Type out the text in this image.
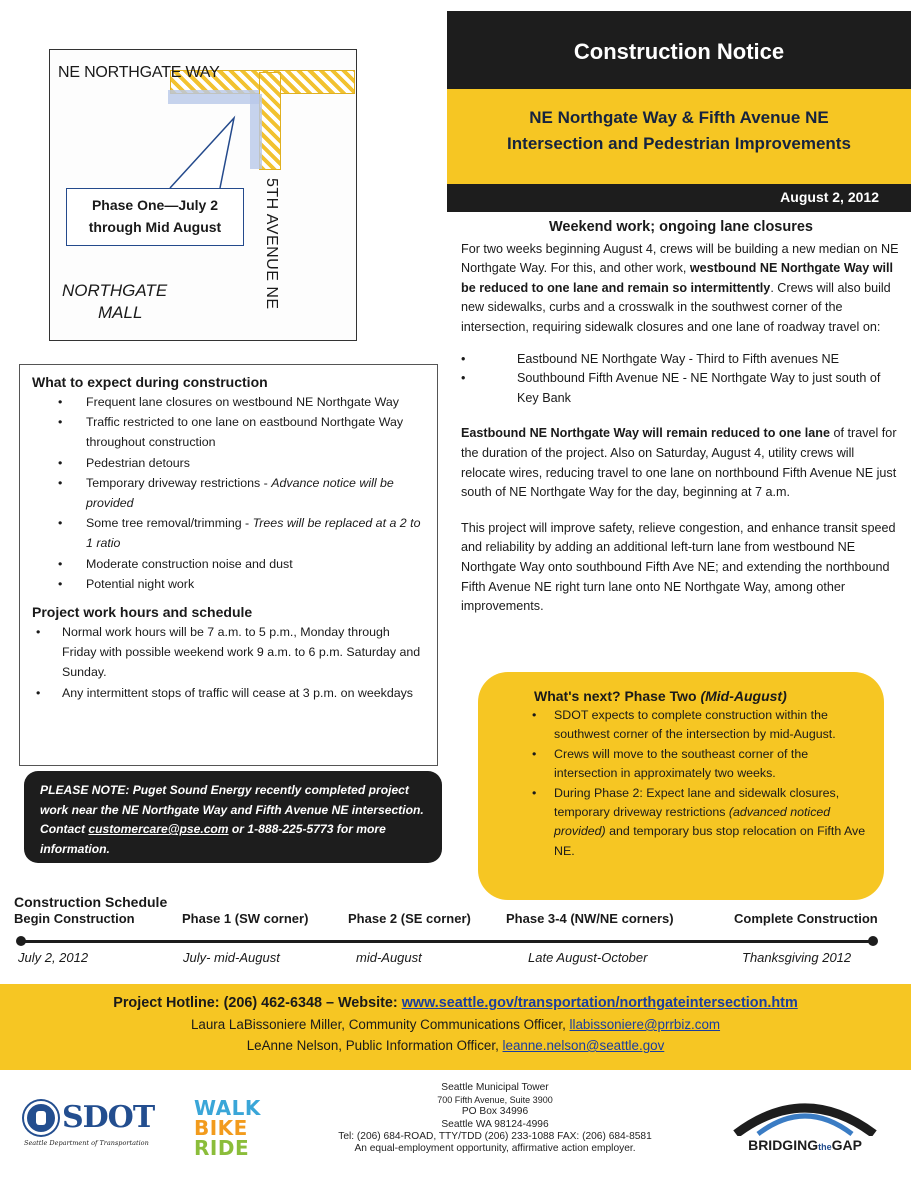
NE NORTHGATE WAY
5TH AVENUE NE
Phase One—July 2
through Mid August
NORTHGATE
MALL
Construction Notice
NE Northgate Way & Fifth Avenue NE
Intersection and Pedestrian Improvements
August 2, 2012
Weekend work; ongoing lane closures

For two weeks beginning August 4, crews will be building a new median on NE Northgate Way. For this, and other work, westbound NE Northgate Way will be reduced to one lane and remain so intermittently. Crews will also build new sidewalks, curbs and a crosswalk in the southwest corner of the intersection, requiring sidewalk closures and one lane of roadway travel on:

• Eastbound NE Northgate Way - Third to Fifth avenues NE
• Southbound Fifth Avenue NE - NE Northgate Way to just south of Key Bank

Eastbound NE Northgate Way will remain reduced to one lane of travel for the duration of the project. Also on Saturday, August 4, utility crews will relocate wires, reducing travel to one lane on northbound Fifth Avenue NE just south of NE Northgate Way for the day, beginning at 7 a.m.

This project will improve safety, relieve congestion, and enhance transit speed and reliability by adding an additional left-turn lane from westbound NE Northgate Way onto southbound Fifth Ave NE; and extending the northbound Fifth Avenue NE right turn lane onto NE Northgate Way, among other improvements.

What's next? Phase Two (Mid-August)
• SDOT expects to complete construction within the southwest corner of the intersection by mid-August.
• Crews will move to the southeast corner of the intersection in approximately two weeks.
• During Phase 2: Expect lane and sidewalk closures, temporary driveway restrictions (advanced noticed provided) and temporary bus stop relocation on Fifth Ave NE.
What to expect during construction
• Frequent lane closures on westbound NE Northgate Way
• Traffic restricted to one lane on eastbound Northgate Way throughout construction
• Pedestrian detours
• Temporary driveway restrictions - Advance notice will be provided
• Some tree removal/trimming - Trees will be replaced at a 2 to 1 ratio
• Moderate construction noise and dust
• Potential night work
Project work hours and schedule
• Normal work hours will be 7 a.m. to 5 p.m., Monday through Friday with possible weekend work 9 a.m. to 6 p.m. Saturday and Sunday.
• Any intermittent stops of traffic will cease at 3 p.m. on weekdays
PLEASE NOTE: Puget Sound Energy recently completed project work near the NE Northgate Way and Fifth Avenue NE intersection. Contact customercare@pse.com or 1-888-225-5773 for more information.
Construction Schedule
Begin Construction	Phase 1 (SW corner)	Phase 2 (SE corner)	Phase 3-4 (NW/NE corners)	Complete Construction
July 2, 2012	July- mid-August	mid-August	Late August-October	Thanksgiving 2012
Project Hotline: (206) 462-6348 – Website: www.seattle.gov/transportation/northgateintersection.htm
Laura LaBissoniere Miller, Community Communications Officer, llabissoniere@prrbiz.com
LeAnne Nelson, Public Information Officer, leanne.nelson@seattle.gov
SDOT
Seattle Department of Transportation
WALK
BIKE
RIDE
Seattle Municipal Tower
700 Fifth Avenue, Suite 3900
PO Box 34996
Seattle WA 98124-4996
Tel: (206) 684-ROAD, TTY/TDD (206) 233-1088 FAX: (206) 684-8581
An equal-employment opportunity, affirmative action employer.	BRIDGINGtheGAP
